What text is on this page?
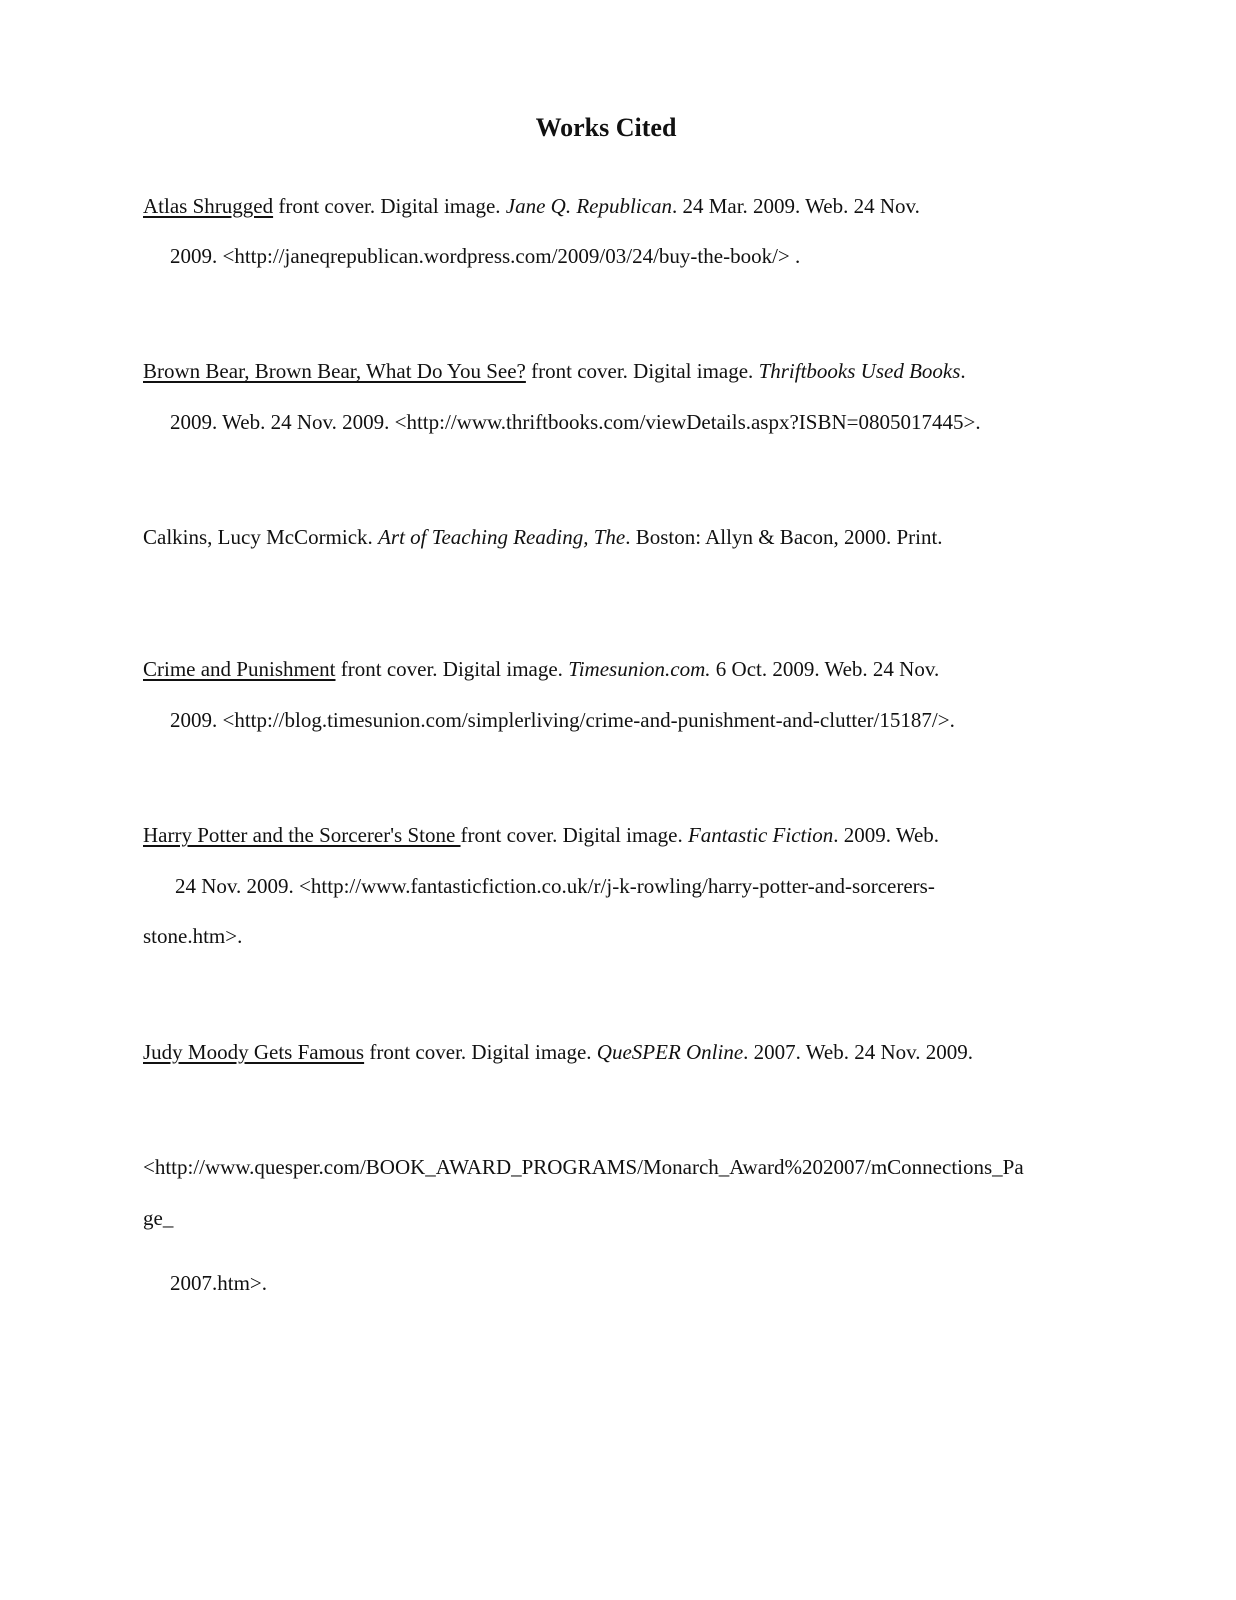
Works Cited
Atlas Shrugged front cover. Digital image. Jane Q. Republican. 24 Mar. 2009. Web. 24 Nov.
2009. <http://janeqrepublican.wordpress.com/2009/03/24/buy-the-book/> .
Brown Bear, Brown Bear, What Do You See? front cover. Digital image. Thriftbooks Used Books.
2009. Web. 24 Nov. 2009. <http://www.thriftbooks.com/viewDetails.aspx?ISBN=0805017445>.
Calkins, Lucy McCormick. Art of Teaching Reading, The. Boston: Allyn & Bacon, 2000. Print.
Crime and Punishment front cover. Digital image. Timesunion.com. 6 Oct. 2009. Web. 24 Nov.
2009. <http://blog.timesunion.com/simplerliving/crime-and-punishment-and-clutter/15187/>.
Harry Potter and the Sorcerer's Stone front cover. Digital image. Fantastic Fiction. 2009. Web.
24 Nov. 2009. <http://www.fantasticfiction.co.uk/r/j-k-rowling/harry-potter-and-sorcerers-
stone.htm>.
Judy Moody Gets Famous front cover. Digital image. QueSPER Online. 2007. Web. 24 Nov. 2009.
<http://www.quesper.com/BOOK_AWARD_PROGRAMS/Monarch_Award%202007/mConnections_Pa
ge_
2007.htm>.
